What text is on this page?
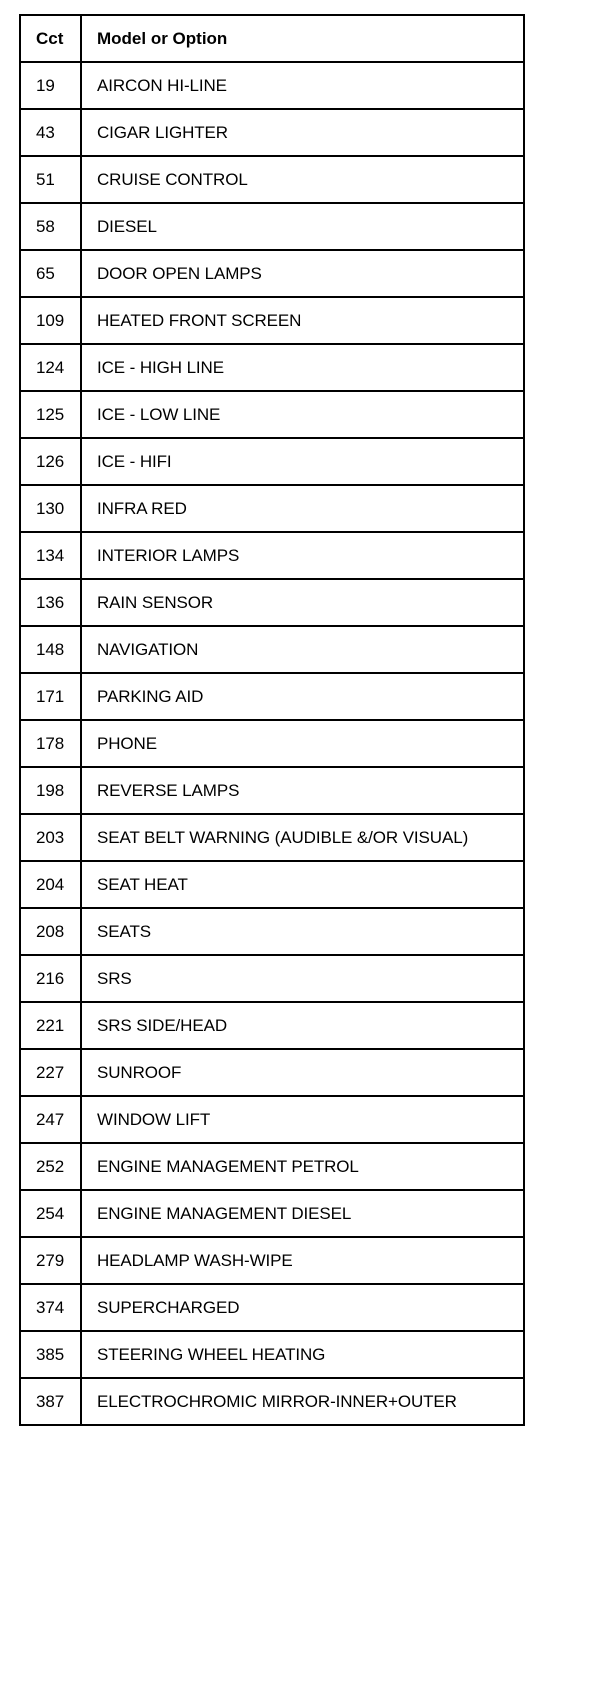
Cct	Model or Option
19	AIRCON HI-LINE
43	CIGAR LIGHTER
51	CRUISE CONTROL
58	DIESEL
65	DOOR OPEN LAMPS
109	HEATED FRONT SCREEN
124	ICE - HIGH LINE
125	ICE - LOW LINE
126	ICE - HIFI
130	INFRA RED
134	INTERIOR LAMPS
136	RAIN SENSOR
148	NAVIGATION
171	PARKING AID
178	PHONE
198	REVERSE LAMPS
203	SEAT BELT WARNING (AUDIBLE &/OR VISUAL)
204	SEAT HEAT
208	SEATS
216	SRS
221	SRS SIDE/HEAD
227	SUNROOF
247	WINDOW LIFT
252	ENGINE MANAGEMENT PETROL
254	ENGINE MANAGEMENT DIESEL
279	HEADLAMP WASH-WIPE
374	SUPERCHARGED
385	STEERING WHEEL HEATING
387	ELECTROCHROMIC MIRROR-INNER+OUTER
